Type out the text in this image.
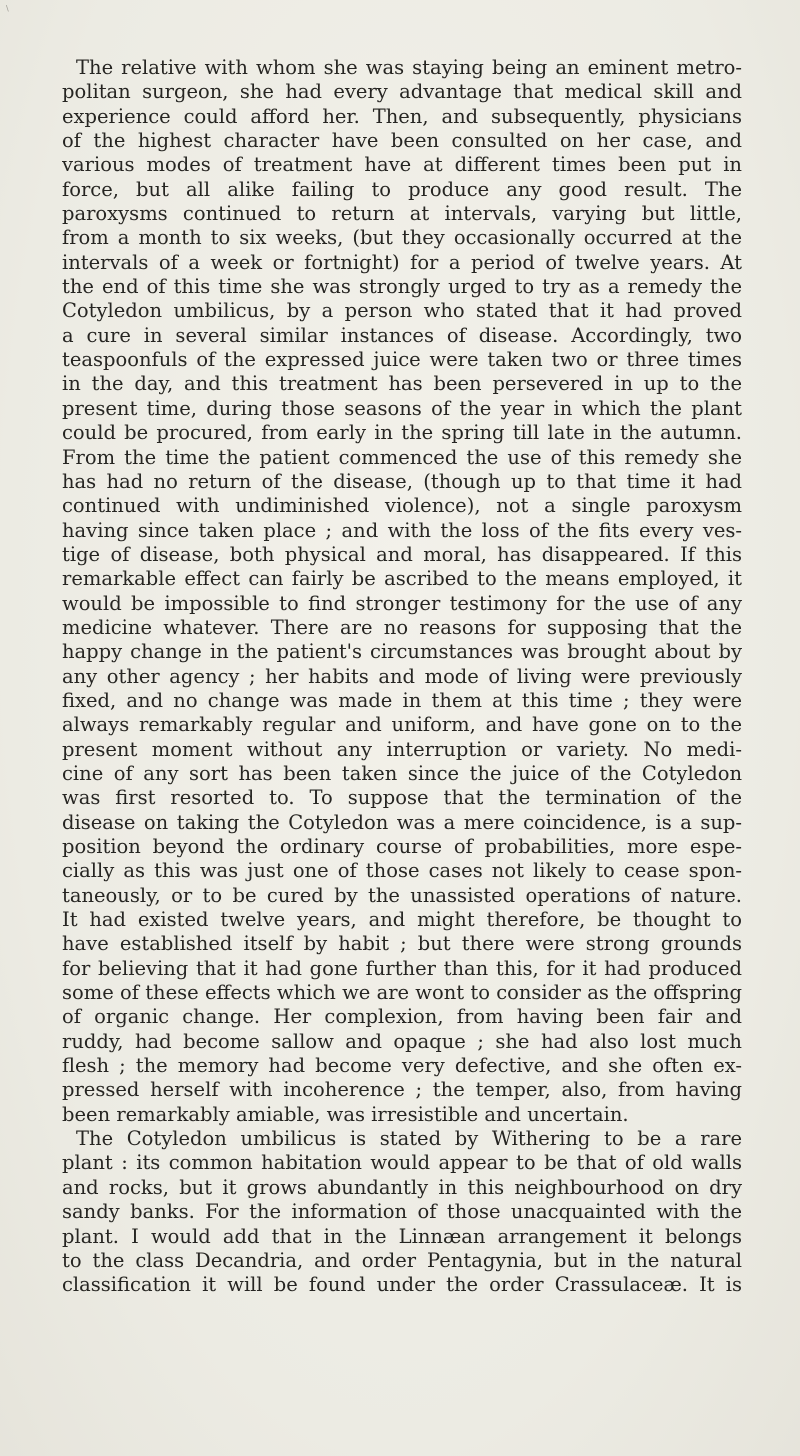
\

The relative with whom she was staying being an eminent metro-
politan surgeon, she had every advantage that medical skill and
experience could afford her. Then, and subsequently, physicians
of the highest character have been consulted on her case, and
various modes of treatment have at different times been put in
force, but all alike failing to produce any good result. The
paroxysms continued to return at intervals, varying but little,
from a month to six weeks, (but they occasionally occurred at the
intervals of a week or fortnight) for a period of twelve years. At
the end of this time she was strongly urged to try as a remedy the
Cotyledon umbilicus, by a person who stated that it had proved
a cure in several similar instances of disease. Accordingly, two
teaspoonfuls of the expressed juice were taken two or three times
in the day, and this treatment has been persevered in up to the
present time, during those seasons of the year in which the plant
could be procured, from early in the spring till late in the autumn.
From the time the patient commenced the use of this remedy she
has had no return of the disease, (though up to that time it had
continued with undiminished violence), not a single paroxysm
having since taken place ; and with the loss of the fits every ves-
tige of disease, both physical and moral, has disappeared. If this
remarkable effect can fairly be ascribed to the means employed, it
would be impossible to find stronger testimony for the use of any
medicine whatever. There are no reasons for supposing that the
happy change in the patient's circumstances was brought about by
any other agency ; her habits and mode of living were previously
fixed, and no change was made in them at this time ; they were
always remarkably regular and uniform, and have gone on to the
present moment without any interruption or variety. No medi-
cine of any sort has been taken since the juice of the Cotyledon
was first resorted to. To suppose that the termination of the
disease on taking the Cotyledon was a mere coincidence, is a sup-
position beyond the ordinary course of probabilities, more espe-
cially as this was just one of those cases not likely to cease spon-
taneously, or to be cured by the unassisted operations of nature.
It had existed twelve years, and might therefore, be thought to
have established itself by habit ; but there were strong grounds
for believing that it had gone further than this, for it had produced
some of these effects which we are wont to consider as the offspring
of organic change. Her complexion, from having been fair and
ruddy, had become sallow and opaque ; she had also lost much
flesh ; the memory had become very defective, and she often ex-
pressed herself with incoherence ; the temper, also, from having
been remarkably amiable, was irresistible and uncertain.

The Cotyledon umbilicus is stated by Withering to be a rare
plant : its common habitation would appear to be that of old walls
and rocks, but it grows abundantly in this neighbourhood on dry
sandy banks. For the information of those unacquainted with the
plant. I would add that in the Linnæan arrangement it belongs
to the class Decandria, and order Pentagynia, but in the natural
classification it will be found under the order Crassulaceæ. It is
